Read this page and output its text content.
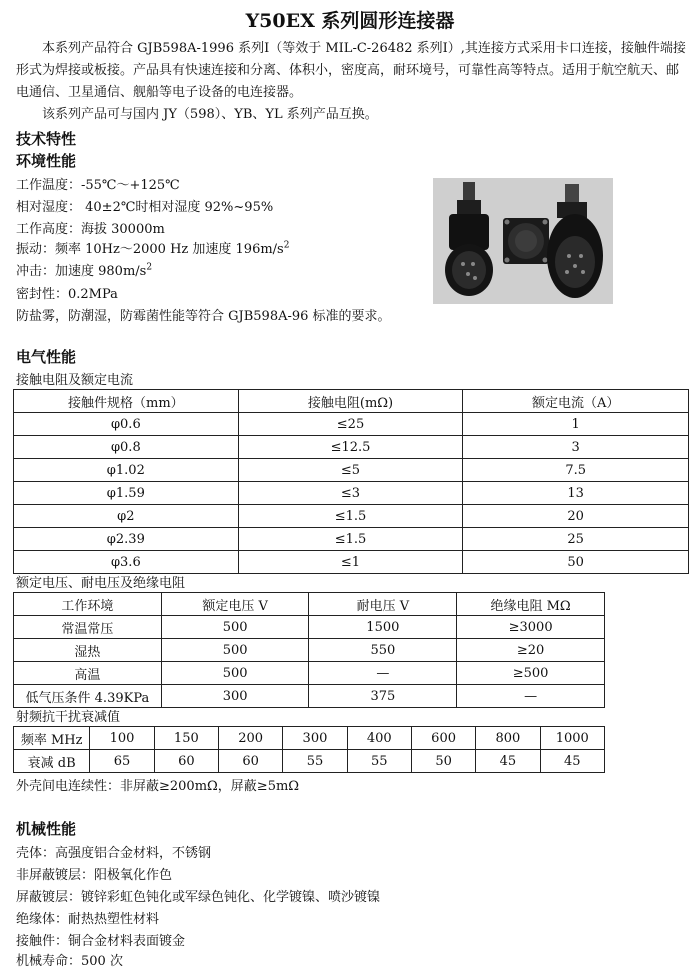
Y50EX 系列圆形连接器
本系列产品符合 GJB598A-1996 系列Ⅰ（等效于 MIL-C-26482 系列Ⅰ）,其连接方式采用卡口连接，接触件端接形式为焊接或板接。产品具有快速连接和分离、体积小，密度高，耐环境号，可靠性高等特点。适用于航空航天、邮电通信、卫星通信、舰船等电子设备的电连接器。
该系列产品可与国内 JY（598）、YB、YL 系列产品互换。
技术特性
环境性能
工作温度：-55℃～+125℃
相对湿度： 40±2℃时相对湿度 92%~95%
工作高度：海拔 30000m
振动：频率 10Hz～2000 Hz 加速度 $196m/s^2$
冲击：加速度 $980m/s^2$
密封性：0.2MPa
防盐雾，防潮湿，防霉菌性能等符合 GJB598A-96 标准的要求。
电气性能
接触电阻及额定电流
接触件规格（mm）	接触电阻(mΩ)	额定电流（A）
φ0.6	≤25	1
φ0.8	≤12.5	3
φ1.02	≤5	7.5
φ1.59	≤3	13
φ2	≤1.5	20
φ2.39	≤1.5	25
φ3.6	≤1	50
额定电压、耐电压及绝缘电阻
工作环境	额定电压 V	耐电压 V	绝缘电阻 MΩ
常温常压	500	1500	≥3000
湿热	500	550	≥20
高温	500	—	≥500
低气压条件 4.39KPa	300	375	—
射频抗干扰衰减值
频率 MHz	100	150	200	300	400	600	800	1000
衰减 dB	65	60	60	55	55	50	45	45
外壳间电连续性：非屏蔽≥200mΩ，屏蔽≥5mΩ
机械性能
壳体：高强度铝合金材料，不锈钢
非屏蔽镀层：阳极氧化作色
屏蔽镀层：镀锌彩虹色钝化或军绿色钝化、化学镀镍、喷沙镀镍
绝缘体：耐热热塑性材料
接触件：铜合金材料表面镀金
机械寿命：500 次
